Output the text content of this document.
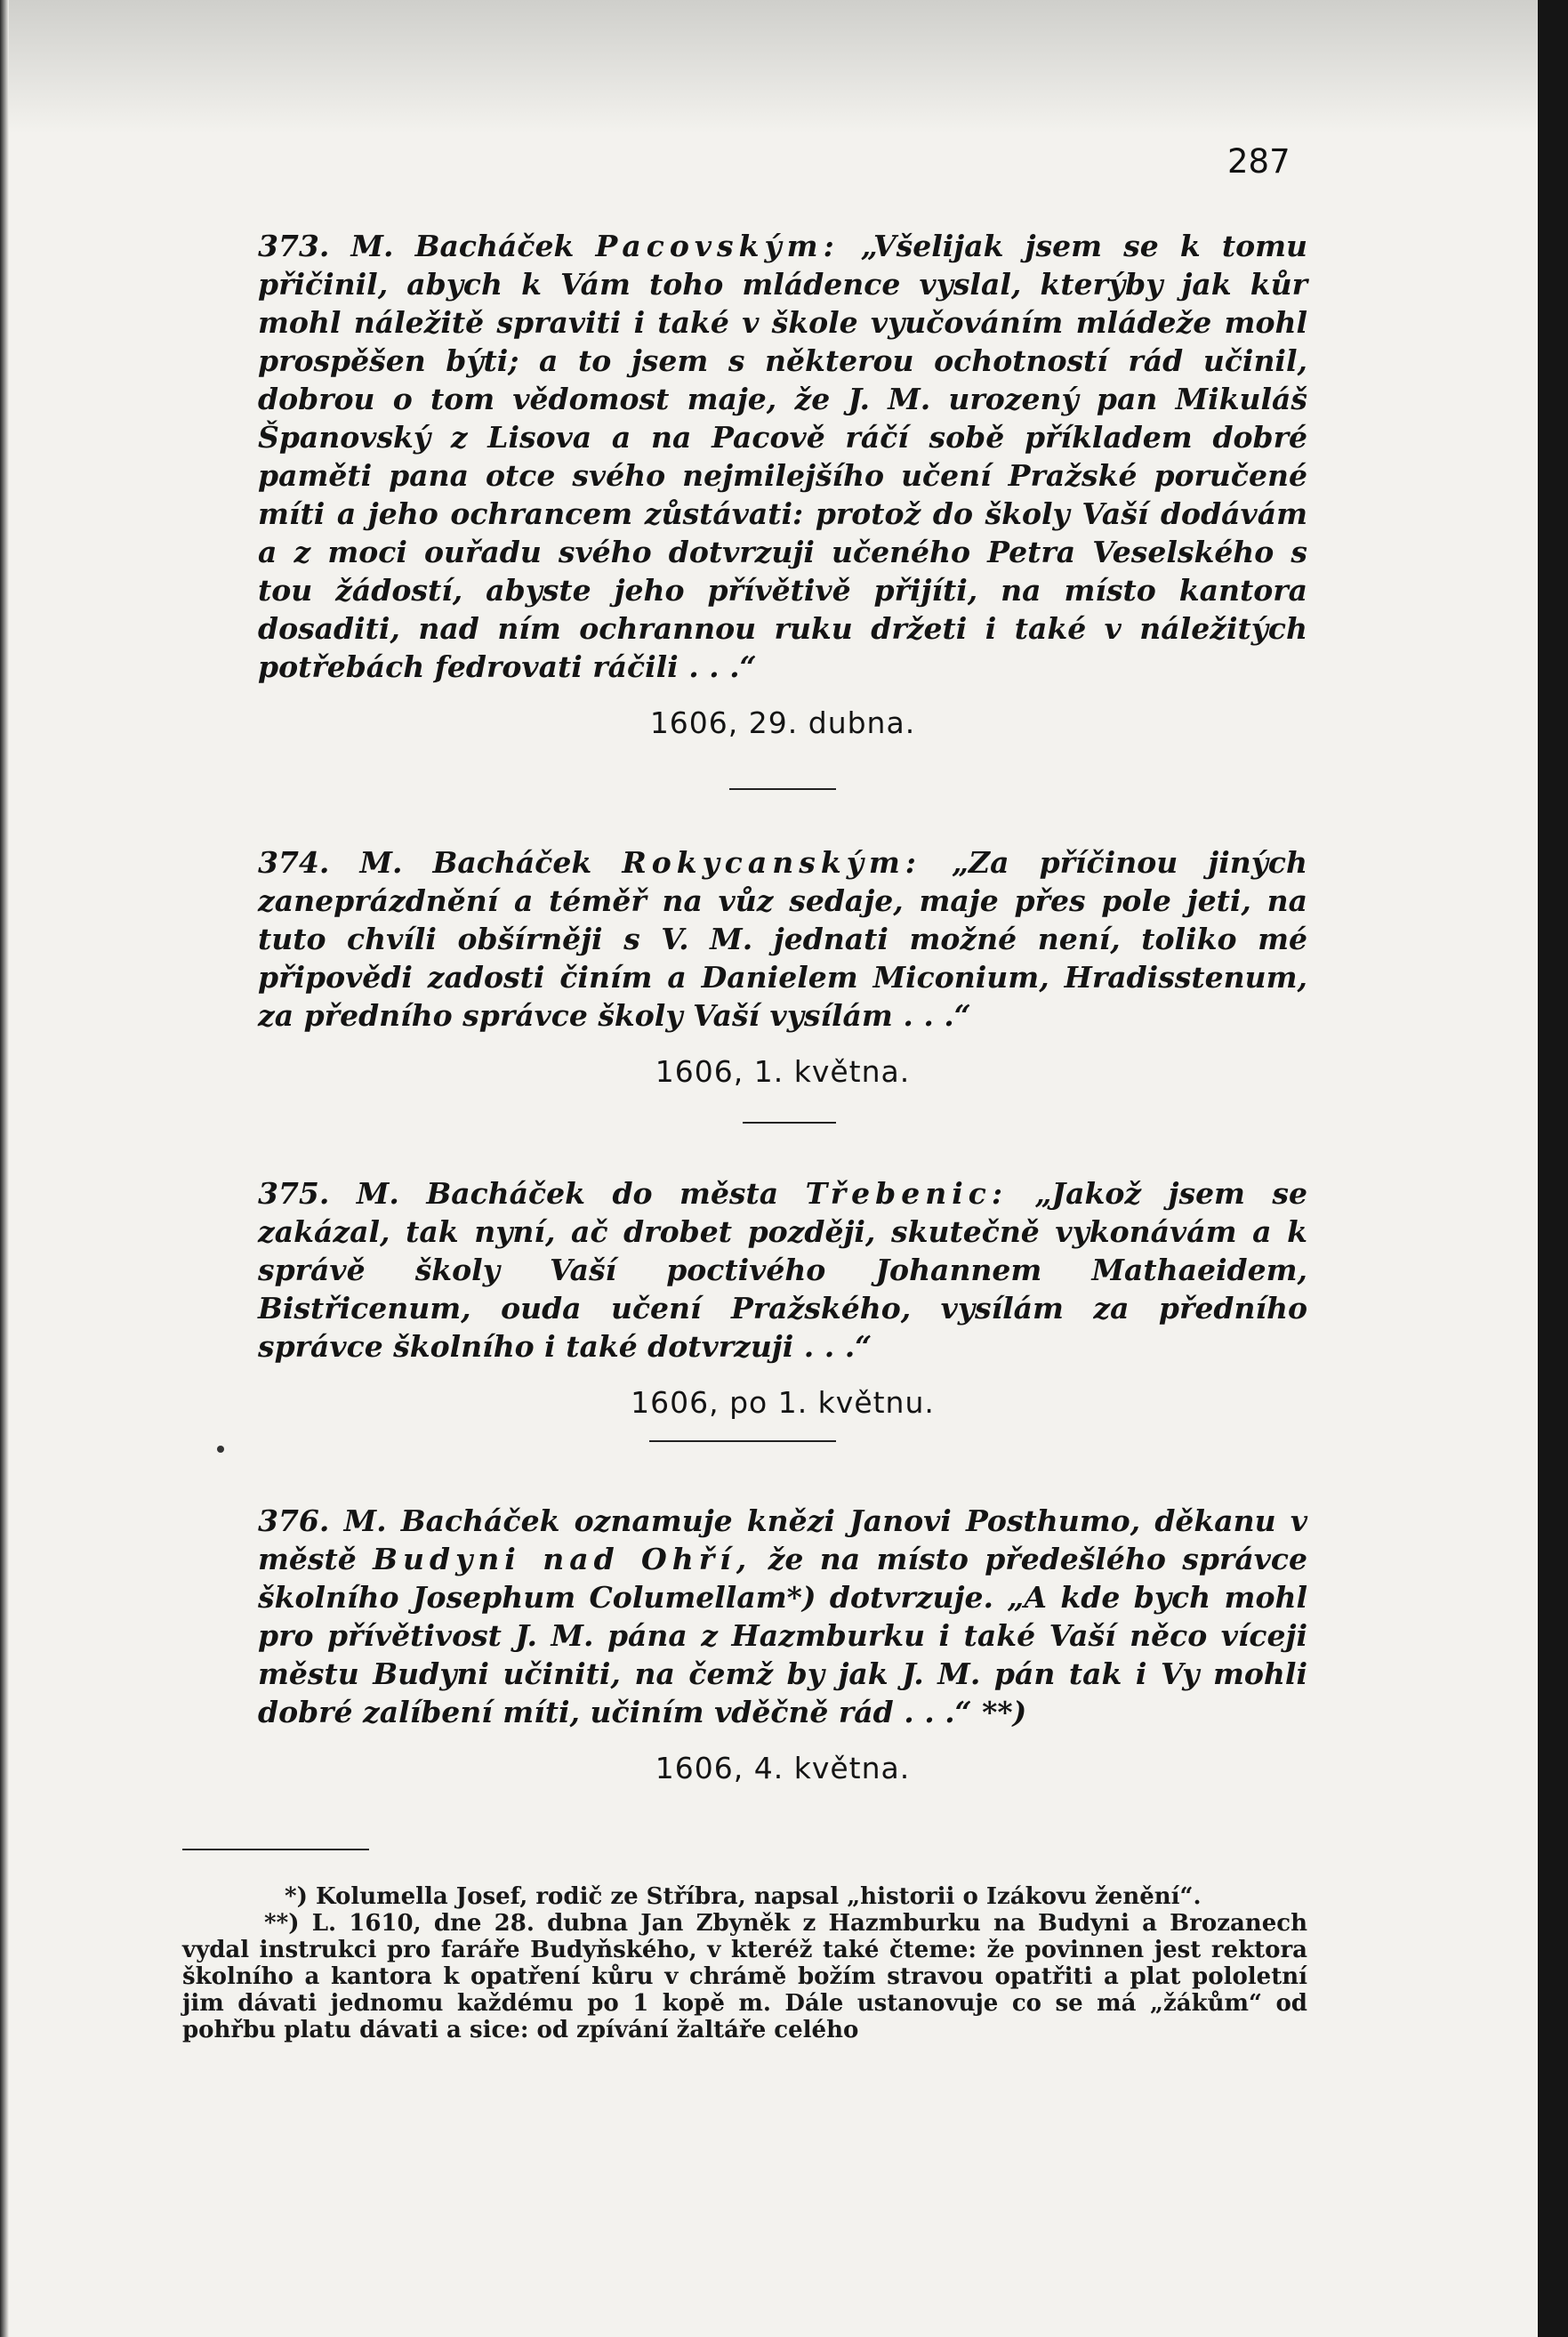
287

373. M. Bacháček Pacovským: „Všelijak jsem se k tomu přičinil, abych k Vám toho mládence vyslal, kterýby jak kůr mohl náležitě spraviti i také v škole vyučováním mládeže mohl prospěšen býti; a to jsem s některou ochotností rád učinil, dobrou o tom vědomost maje, že J. M. urozený pan Mikuláš Španovský z Lisova a na Pacově ráčí sobě příkladem dobré paměti pana otce svého nejmilejšího učení Pražské poručené míti a jeho ochrancem zůstávati: protož do školy Vaší dodávám a z moci ouřadu svého dotvrzuji učeného Petra Veselského s tou žádostí, abyste jeho přívětivě přijíti, na místo kantora dosaditi, nad ním ochrannou ruku držeti i také v náležitých potřebách fedrovati ráčili . . .“

1606, 29. dubna.

374. M. Bacháček Rokycanským: „Za příčinou jiných zaneprázdnění a téměř na vůz sedaje, maje přes pole jeti, na tuto chvíli obšírněji s V. M. jednati možné není, toliko mé připovědi zadosti činím a Danielem Miconium, Hradisstenum, za předního správce školy Vaší vysílám . . .“

1606, 1. května.

375. M. Bacháček do města Třebenic: „Jakož jsem se zakázal, tak nyní, ač drobet později, skutečně vykonávám a k správě školy Vaší poctivého Johannem Mathaeidem, Bistřicenum, ouda učení Pražského, vysílám za předního správce školního i také dotvrzuji . . .“

1606, po 1. květnu.

376. M. Bacháček oznamuje knězi Janovi Posthumo, děkanu v městě Budyni nad Ohří, že na místo předešlého správce školního Josephum Columellam*) dotvrzuje. „A kde bych mohl pro přívětivost J. M. pána z Hazmburku i také Vaší něco víceji městu Budyni učiniti, na čemž by jak J. M. pán tak i Vy mohli dobré zalíbení míti, učiním vděčně rád . . .“ **)

1606, 4. května.

*) Kolumella Josef, rodič ze Stříbra, napsal „historii o Izákovu ženění“.

**) L. 1610, dne 28. dubna Jan Zbyněk z Hazmburku na Budyni a Brozanech vydal instrukci pro faráře Budyňského, v kteréž také čteme: že povinnen jest rektora školního a kantora k opatření kůru v chrámě božím stravou opatřiti a plat pololetní jim dávati jednomu každému po 1 kopě m. Dále ustanovuje co se má „žákům“ od pohřbu platu dávati a sice: od zpívání žaltáře celého
